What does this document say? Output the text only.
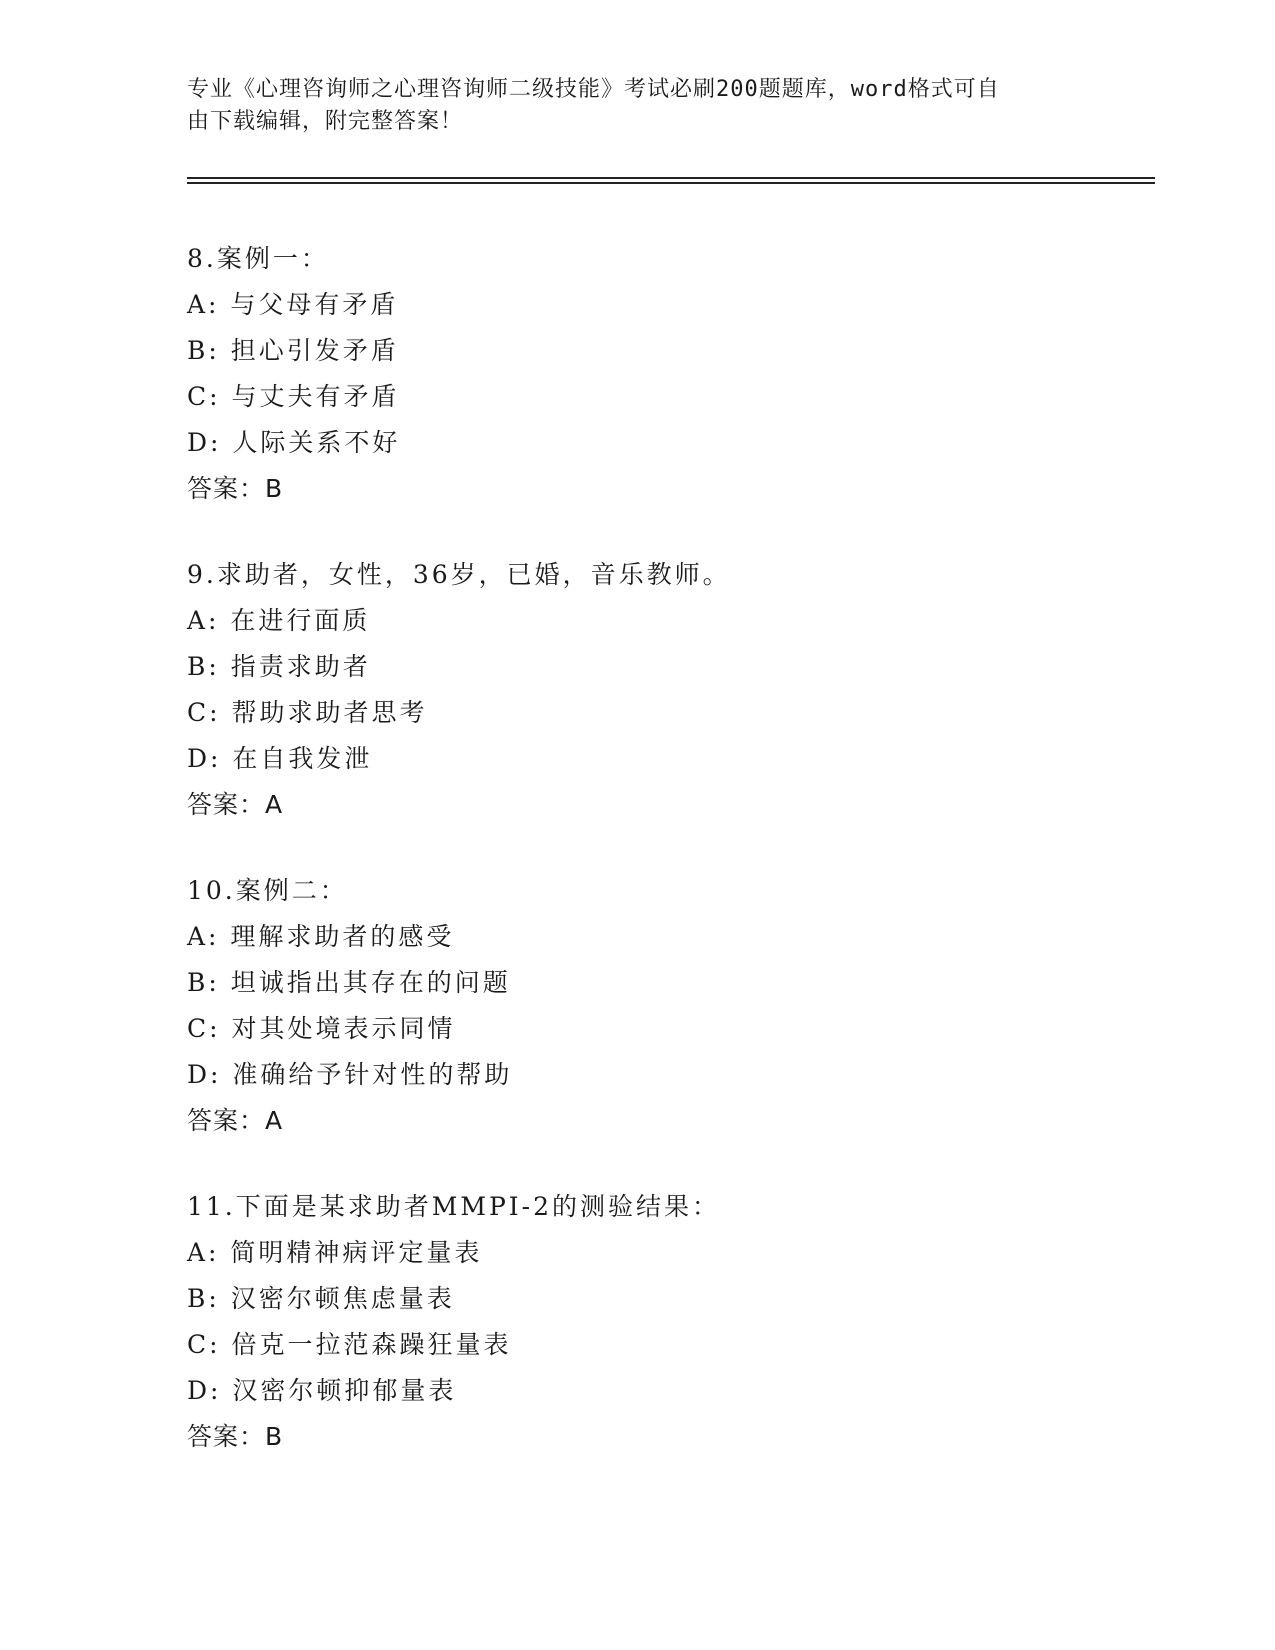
专业《心理咨询师之心理咨询师二级技能》考试必刷200题题库，word格式可自
由下载编辑，附完整答案！
8.案例一：
A: 与父母有矛盾
B: 担心引发矛盾
C: 与丈夫有矛盾
D: 人际关系不好
答案：B
9.求助者，女性，36岁，已婚，音乐教师。
A: 在进行面质
B: 指责求助者
C: 帮助求助者思考
D: 在自我发泄
答案：A
10.案例二：
A: 理解求助者的感受
B: 坦诚指出其存在的问题
C: 对其处境表示同情
D: 准确给予针对性的帮助
答案：A
11.下面是某求助者MMPI-2的测验结果：
A: 简明精神病评定量表
B: 汉密尔顿焦虑量表
C: 倍克一拉范森躁狂量表
D: 汉密尔顿抑郁量表
答案：B
